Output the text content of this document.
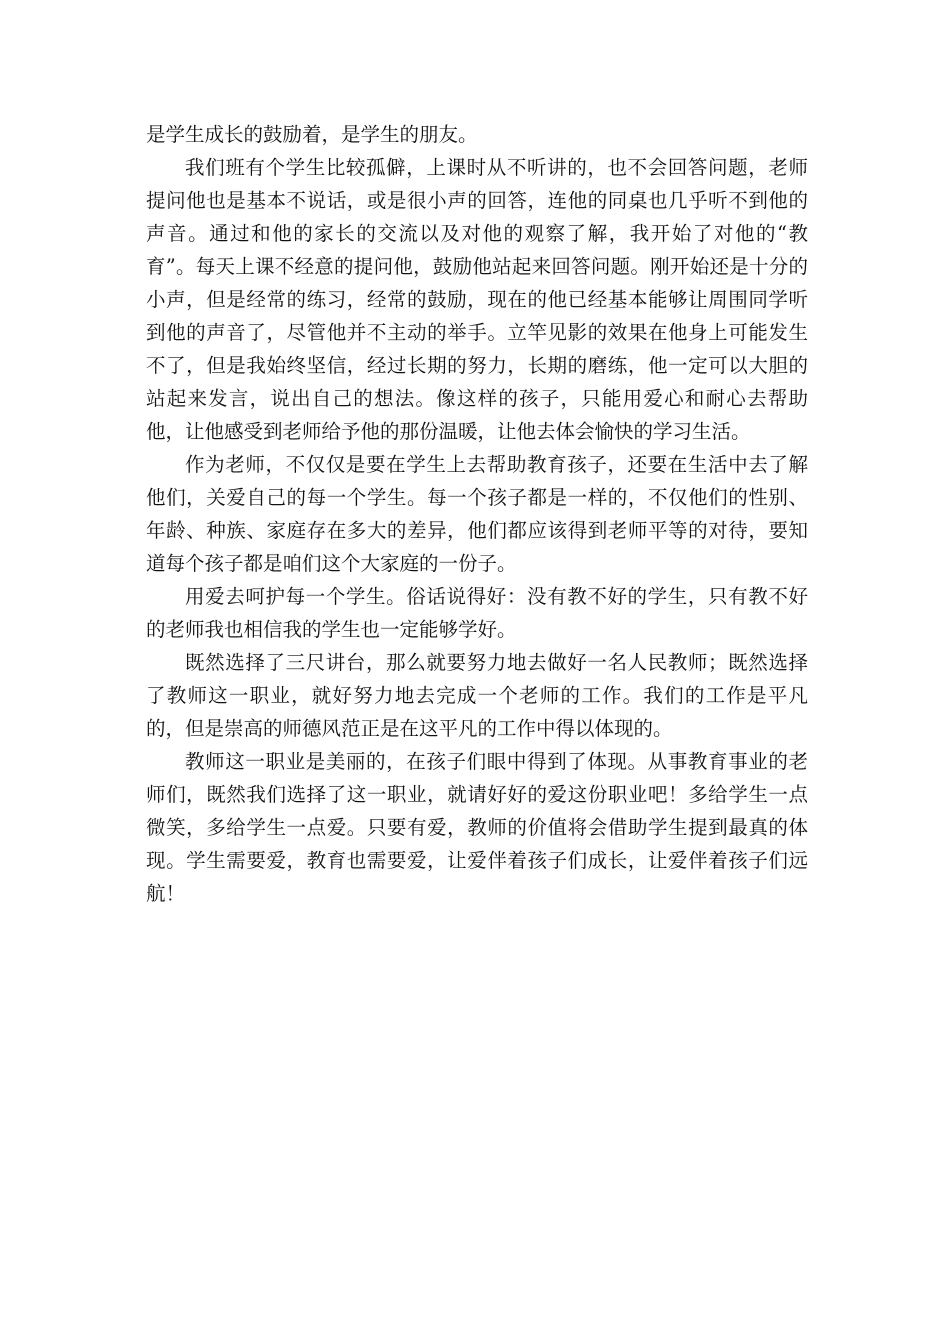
是学生成长的鼓励着，是学生的朋友。

我们班有个学生比较孤僻，上课时从不听讲的，也不会回答问题，老师提问他也是基本不说话，或是很小声的回答，连他的同桌也几乎听不到他的声音。通过和他的家长的交流以及对他的观察了解，我开始了对他的“教育”。每天上课不经意的提问他，鼓励他站起来回答问题。刚开始还是十分的小声，但是经常的练习，经常的鼓励，现在的他已经基本能够让周围同学听到他的声音了，尽管他并不主动的举手。立竿见影的效果在他身上可能发生不了，但是我始终坚信，经过长期的努力，长期的磨练，他一定可以大胆的站起来发言，说出自己的想法。像这样的孩子，只能用爱心和耐心去帮助他，让他感受到老师给予他的那份温暖，让他去体会愉快的学习生活。

作为老师，不仅仅是要在学生上去帮助教育孩子，还要在生活中去了解他们，关爱自己的每一个学生。每一个孩子都是一样的，不仅他们的性别、年龄、种族、家庭存在多大的差异，他们都应该得到老师平等的对待，要知道每个孩子都是咱们这个大家庭的一份子。

用爱去呵护每一个学生。俗话说得好：没有教不好的学生，只有教不好的老师我也相信我的学生也一定能够学好。

既然选择了三尺讲台，那么就要努力地去做好一名人民教师；既然选择了教师这一职业，就好努力地去完成一个老师的工作。我们的工作是平凡的，但是崇高的师德风范正是在这平凡的工作中得以体现的。

教师这一职业是美丽的，在孩子们眼中得到了体现。从事教育事业的老师们，既然我们选择了这一职业，就请好好的爱这份职业吧！多给学生一点微笑，多给学生一点爱。只要有爱，教师的价值将会借助学生提到最真的体现。学生需要爱，教育也需要爱，让爱伴着孩子们成长，让爱伴着孩子们远航！
